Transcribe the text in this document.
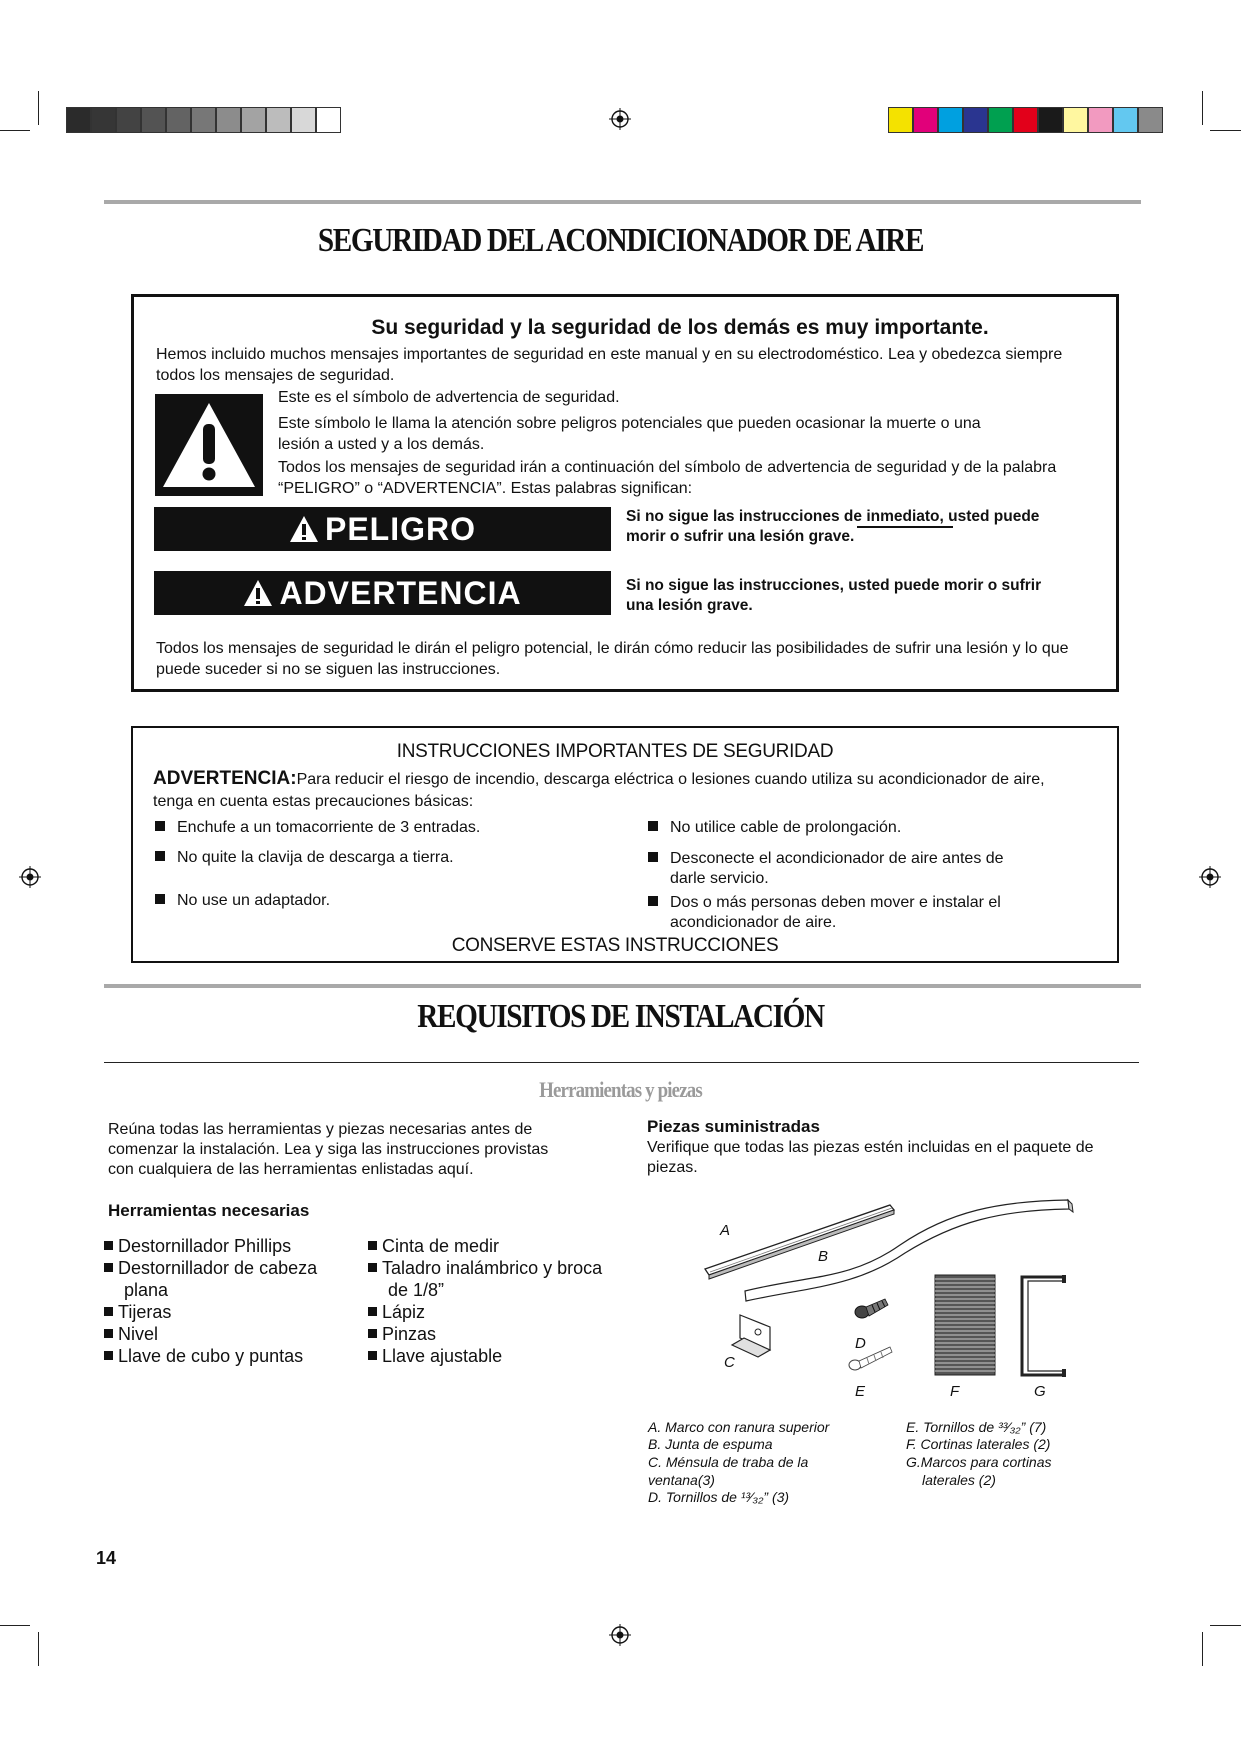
SEGURIDAD DEL ACONDICIONADOR DE AIRE
Su seguridad y la seguridad de los demás es muy importante.
Hemos incluido muchos mensajes importantes de seguridad en este manual y en su electrodoméstico. Lea y obedezca siempre
todos los mensajes de seguridad.
Este es el símbolo de advertencia de seguridad.
Este símbolo le llama la atención sobre peligros potenciales que pueden ocasionar la muerte o una
lesión a usted y a los demás.
Todos los mensajes de seguridad irán a continuación del símbolo de advertencia de seguridad y de la palabra
“PELIGRO” o “ADVERTENCIA”. Estas palabras significan:
PELIGRO	Si no sigue las instrucciones de inmediato, usted puede
morir o sufrir una lesión grave.
ADVERTENCIA	Si no sigue las instrucciones, usted puede morir o sufrir
una lesión grave.
Todos los mensajes de seguridad le dirán el peligro potencial, le dirán cómo reducir las posibilidades de sufrir una lesión y lo que
puede suceder si no se siguen las instrucciones.
INSTRUCCIONES IMPORTANTES DE SEGURIDAD
ADVERTENCIA:Para reducir el riesgo de incendio, descarga eléctrica o lesiones cuando utiliza su acondicionador de aire,
tenga en cuenta estas precauciones básicas:
Enchufe a un tomacorriente de 3 entradas.
No quite la clavija de descarga a tierra.
No use un adaptador.
No utilice cable de prolongación.
Desconecte el acondicionador de aire antes de
darle servicio.
Dos o más personas deben mover e instalar el
acondicionador de aire.
CONSERVE ESTAS INSTRUCCIONES
REQUISITOS DE INSTALACIÓN
Herramientas y piezas
Reúna todas las herramientas y piezas necesarias antes de
comenzar la instalación. Lea y siga las instrucciones provistas
con cualquiera de las herramientas enlistadas aquí.
Herramientas necesarias
Destornillador Phillips
Destornillador de cabeza
plana
Tijeras
Nivel
Llave de cubo y puntas
Cinta de medir
Taladro inalámbrico y broca
de 1/8”
Lápiz
Pinzas
Llave ajustable
Piezas suministradas
Verifique que todas las piezas estén incluidas en el paquete de
piezas.
A
B
C
D
E	F	G
A. Marco con ranura superior
B. Junta de espuma
C. Ménsula de traba de la
ventana(3)
D. Tornillos de ¹³⁄₃₂” (3)
E. Tornillos de ³³⁄₃₂” (7)
F. Cortinas laterales (2)
G.Marcos para cortinas
laterales (2)
14
